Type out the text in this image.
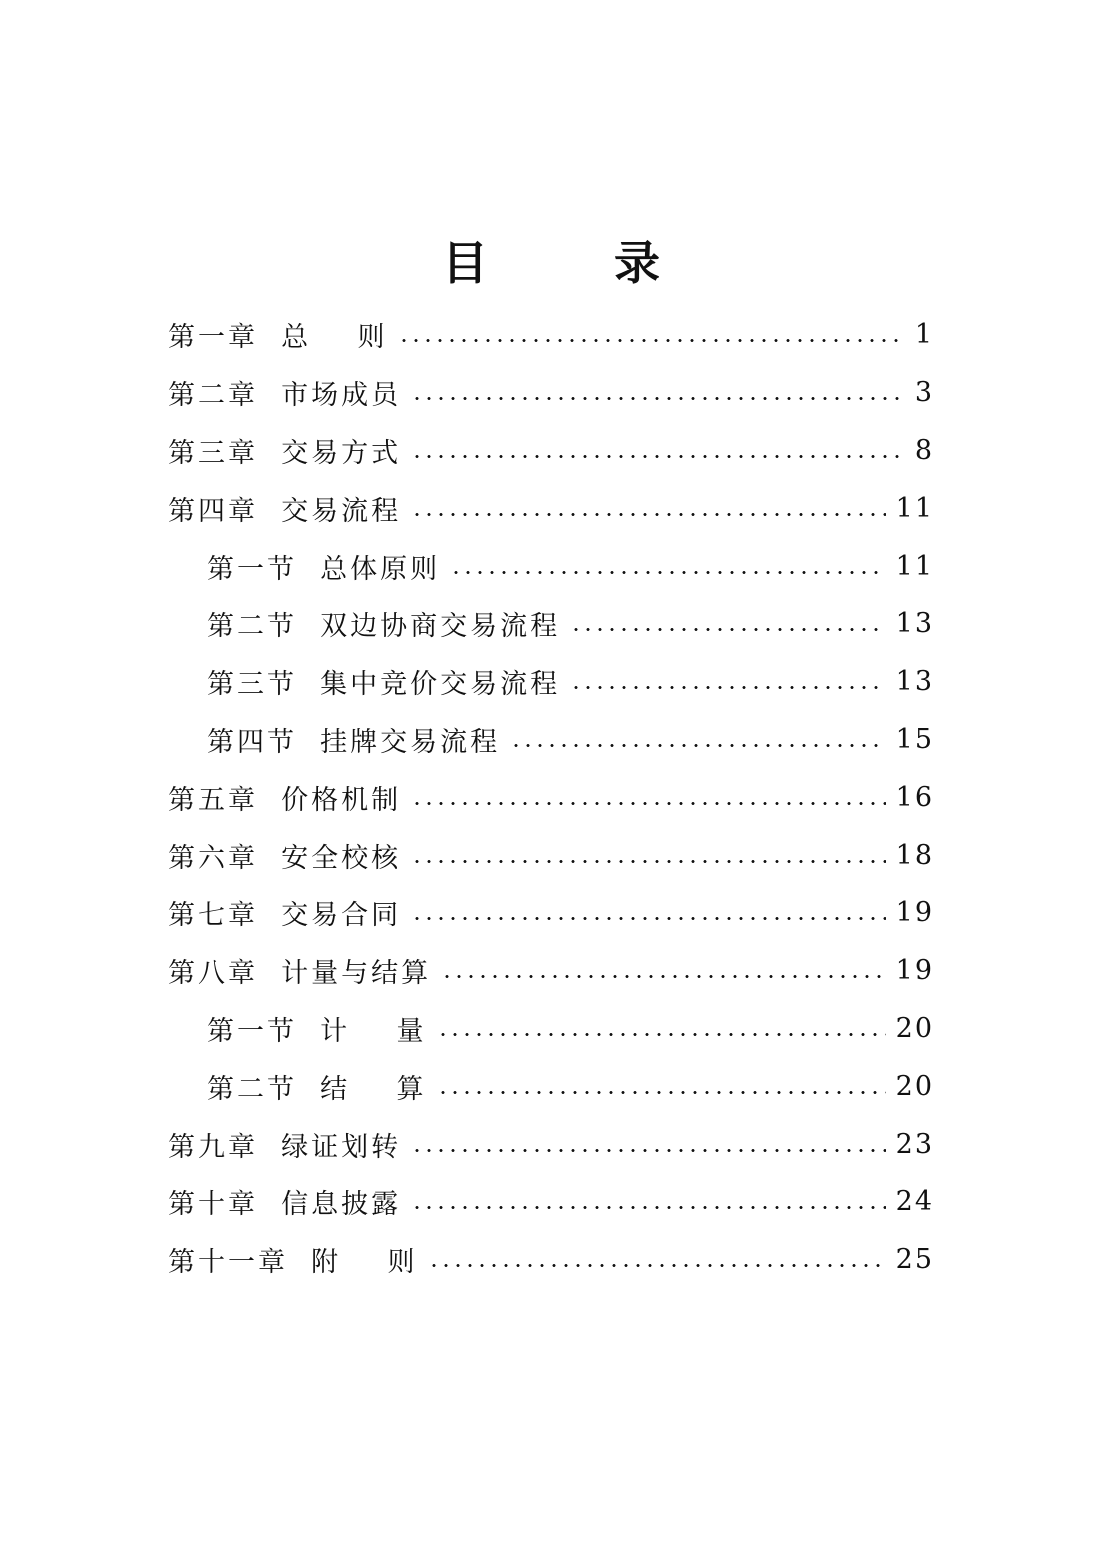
目　录
第一章  总    则	1
第二章  市场成员	3
第三章  交易方式	8
第四章  交易流程	11
第一节  总体原则	11
第二节  双边协商交易流程	13
第三节  集中竞价交易流程	13
第四节  挂牌交易流程	15
第五章  价格机制	16
第六章  安全校核	18
第七章  交易合同	19
第八章  计量与结算	19
第一节  计    量	20
第二节  结    算	20
第九章  绿证划转	23
第十章  信息披露	24
第十一章  附    则	25
